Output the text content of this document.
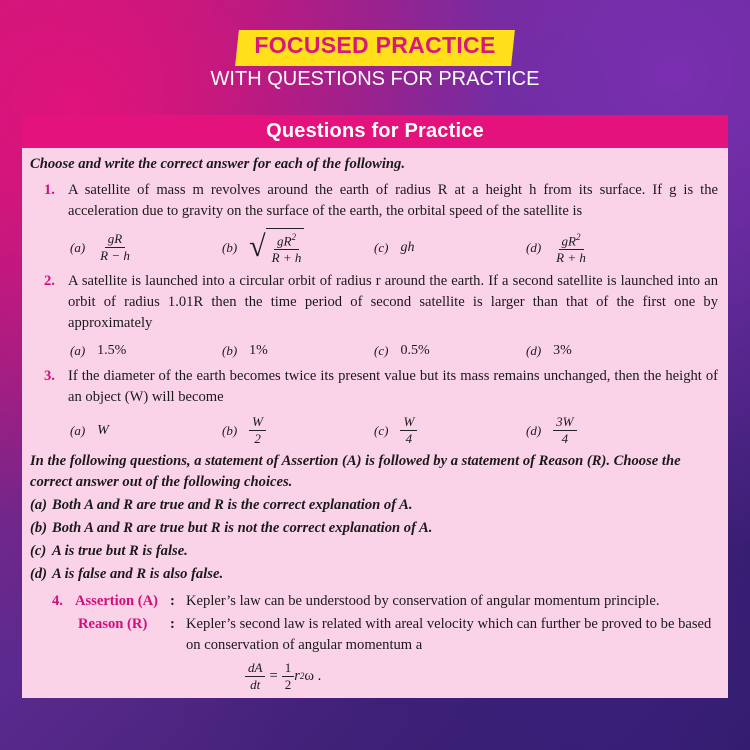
FOCUSED PRACTICE
WITH QUESTIONS FOR PRACTICE
Questions for Practice
Choose and write the correct answer for each of the following.
1. A satellite of mass m revolves around the earth of radius R at a height h from its surface. If g is the acceleration due to gravity on the surface of the earth, the orbital speed of the satellite is
$(a) \frac{gR}{R - h}$	(b) √ $\frac{gR^2}{R + h}$	(c) gh	$(d) \frac{gR^2}{R + h}$
2. A satellite is launched into a circular orbit of radius r around the earth. If a second satellite is launched into an orbit of radius 1.01R then the time period of second satellite is larger than that of the first one by approximately
(a) 1.5%	(b) 1%	(c) 0.5%	(d) 3%
3. If the diameter of the earth becomes twice its present value but its mass remains unchanged, then the height of an object (W) will become
(a) W	$(b) \frac{W}{2}$	$(c) \frac{W}{4}$	$(d) \frac{3W}{4}$
In the following questions, a statement of Assertion (A) is followed by a statement of Reason (R). Choose the correct answer out of the following choices.
(a) Both A and R are true and R is the correct explanation of A.
(b) Both A and R are true but R is not the correct explanation of A.
(c) A is true but R is false.
(d) A is false and R is also false.
4. Assertion (A) : Kepler’s law can be understood by conservation of angular momentum principle.
Reason (R)	: Kepler’s second law is related with areal velocity which can further be proved to be based on conservation of angular momentum a
$\frac{dA}{dt} = \frac{1}{2}$ r 2 ω .
